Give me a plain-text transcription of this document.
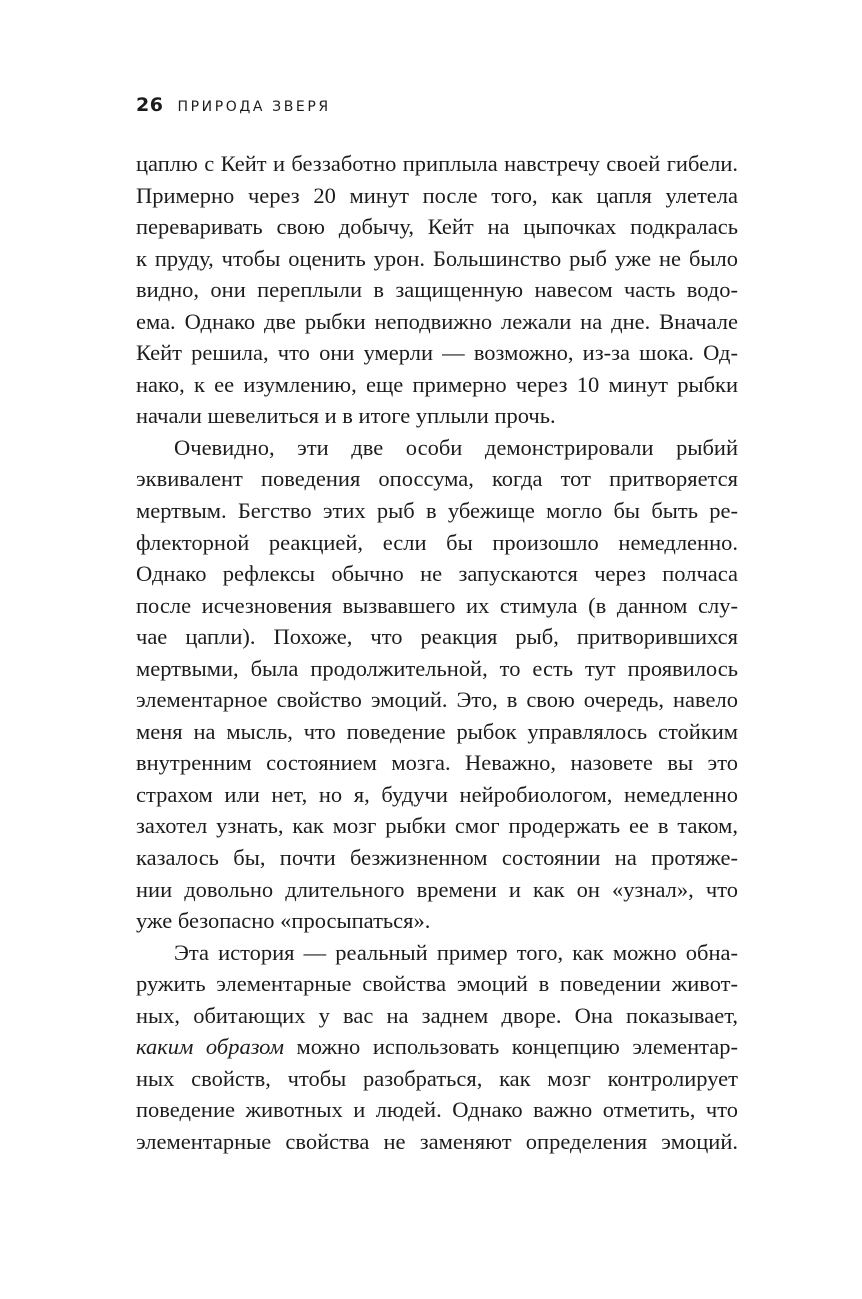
26 ПРИРОДА ЗВЕРЯ
цаплю с Кейт и беззаботно приплыла навстречу своей гибели.
Примерно через 20 минут после того, как цапля улетела
переваривать свою добычу, Кейт на цыпочках подкралась
к пруду, чтобы оценить урон. Большинство рыб уже не было
видно, они переплыли в защищенную навесом часть водо-
ема. Однако две рыбки неподвижно лежали на дне. Вначале
Кейт решила, что они умерли — возможно, из-за шока. Од-
нако, к ее изумлению, еще примерно через 10 минут рыбки
начали шевелиться и в итоге уплыли прочь.
Очевидно, эти две особи демонстрировали рыбий
эквивалент поведения опоссума, когда тот притворяется
мертвым. Бегство этих рыб в убежище могло бы быть ре-
флекторной реакцией, если бы произошло немедленно.
Однако рефлексы обычно не запускаются через полчаса
после исчезновения вызвавшего их стимула (в данном слу-
чае цапли). Похоже, что реакция рыб, притворившихся
мертвыми, была продолжительной, то есть тут проявилось
элементарное свойство эмоций. Это, в свою очередь, навело
меня на мысль, что поведение рыбок управлялось стойким
внутренним состоянием мозга. Неважно, назовете вы это
страхом или нет, но я, будучи нейробиологом, немедленно
захотел узнать, как мозг рыбки смог продержать ее в таком,
казалось бы, почти безжизненном состоянии на протяже-
нии довольно длительного времени и как он «узнал», что
уже безопасно «просыпаться».
Эта история — реальный пример того, как можно обна-
ружить элементарные свойства эмоций в поведении живот-
ных, обитающих у вас на заднем дворе. Она показывает,
каким образом можно использовать концепцию элементар-
ных свойств, чтобы разобраться, как мозг контролирует
поведение животных и людей. Однако важно отметить, что
элементарные свойства не заменяют определения эмоций.
